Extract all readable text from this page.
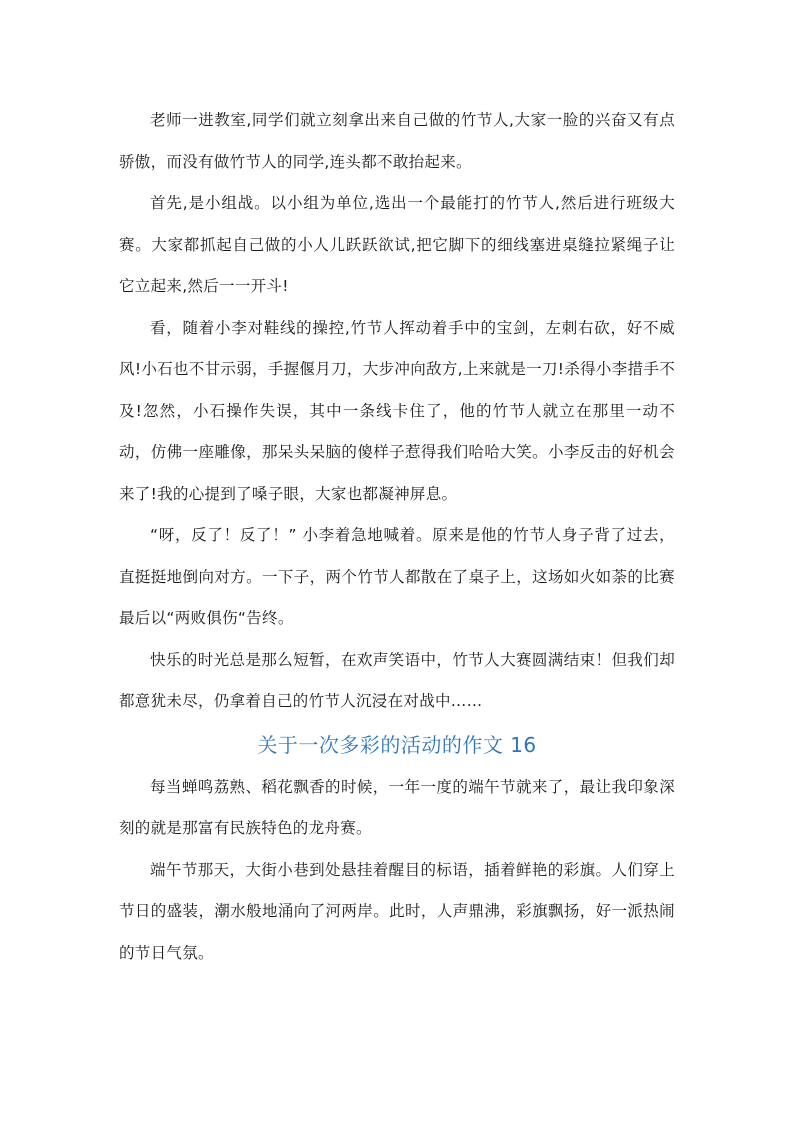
老师一进教室,同学们就立刻拿出来自己做的竹节人,大家一脸的兴奋又有点骄傲，而没有做竹节人的同学,连头都不敢抬起来。

首先,是小组战。以小组为单位,选出一个最能打的竹节人,然后进行班级大赛。大家都抓起自己做的小人儿跃跃欲试,把它脚下的细线塞进桌缝拉紧绳子让它立起来,然后一一开斗!

看，随着小李对鞋线的操控,竹节人挥动着手中的宝剑，左刺右砍，好不威风!小石也不甘示弱，手握偃月刀，大步冲向敌方,上来就是一刀!杀得小李措手不及!忽然，小石操作失误，其中一条线卡住了，他的竹节人就立在那里一动不动，仿佛一座雕像，那呆头呆脑的傻样子惹得我们哈哈大笑。小李反击的好机会来了!我的心提到了嗓子眼，大家也都凝神屏息。

“呀，反了！反了！” 小李着急地喊着。原来是他的竹节人身子背了过去，直挺挺地倒向对方。一下子，两个竹节人都散在了桌子上，这场如火如荼的比赛最后以“两败俱伤“告终。

快乐的时光总是那么短暂，在欢声笑语中，竹节人大赛圆满结束！但我们却都意犹未尽，仍拿着自己的竹节人沉浸在对战中……

关于一次多彩的活动的作文 16

每当蝉鸣荔熟、稻花飘香的时候，一年一度的端午节就来了，最让我印象深刻的就是那富有民族特色的龙舟赛。

端午节那天，大街小巷到处悬挂着醒目的标语，插着鲜艳的彩旗。人们穿上节日的盛装，潮水般地涌向了河两岸。此时，人声鼎沸，彩旗飘扬，好一派热闹的节日气氛。
